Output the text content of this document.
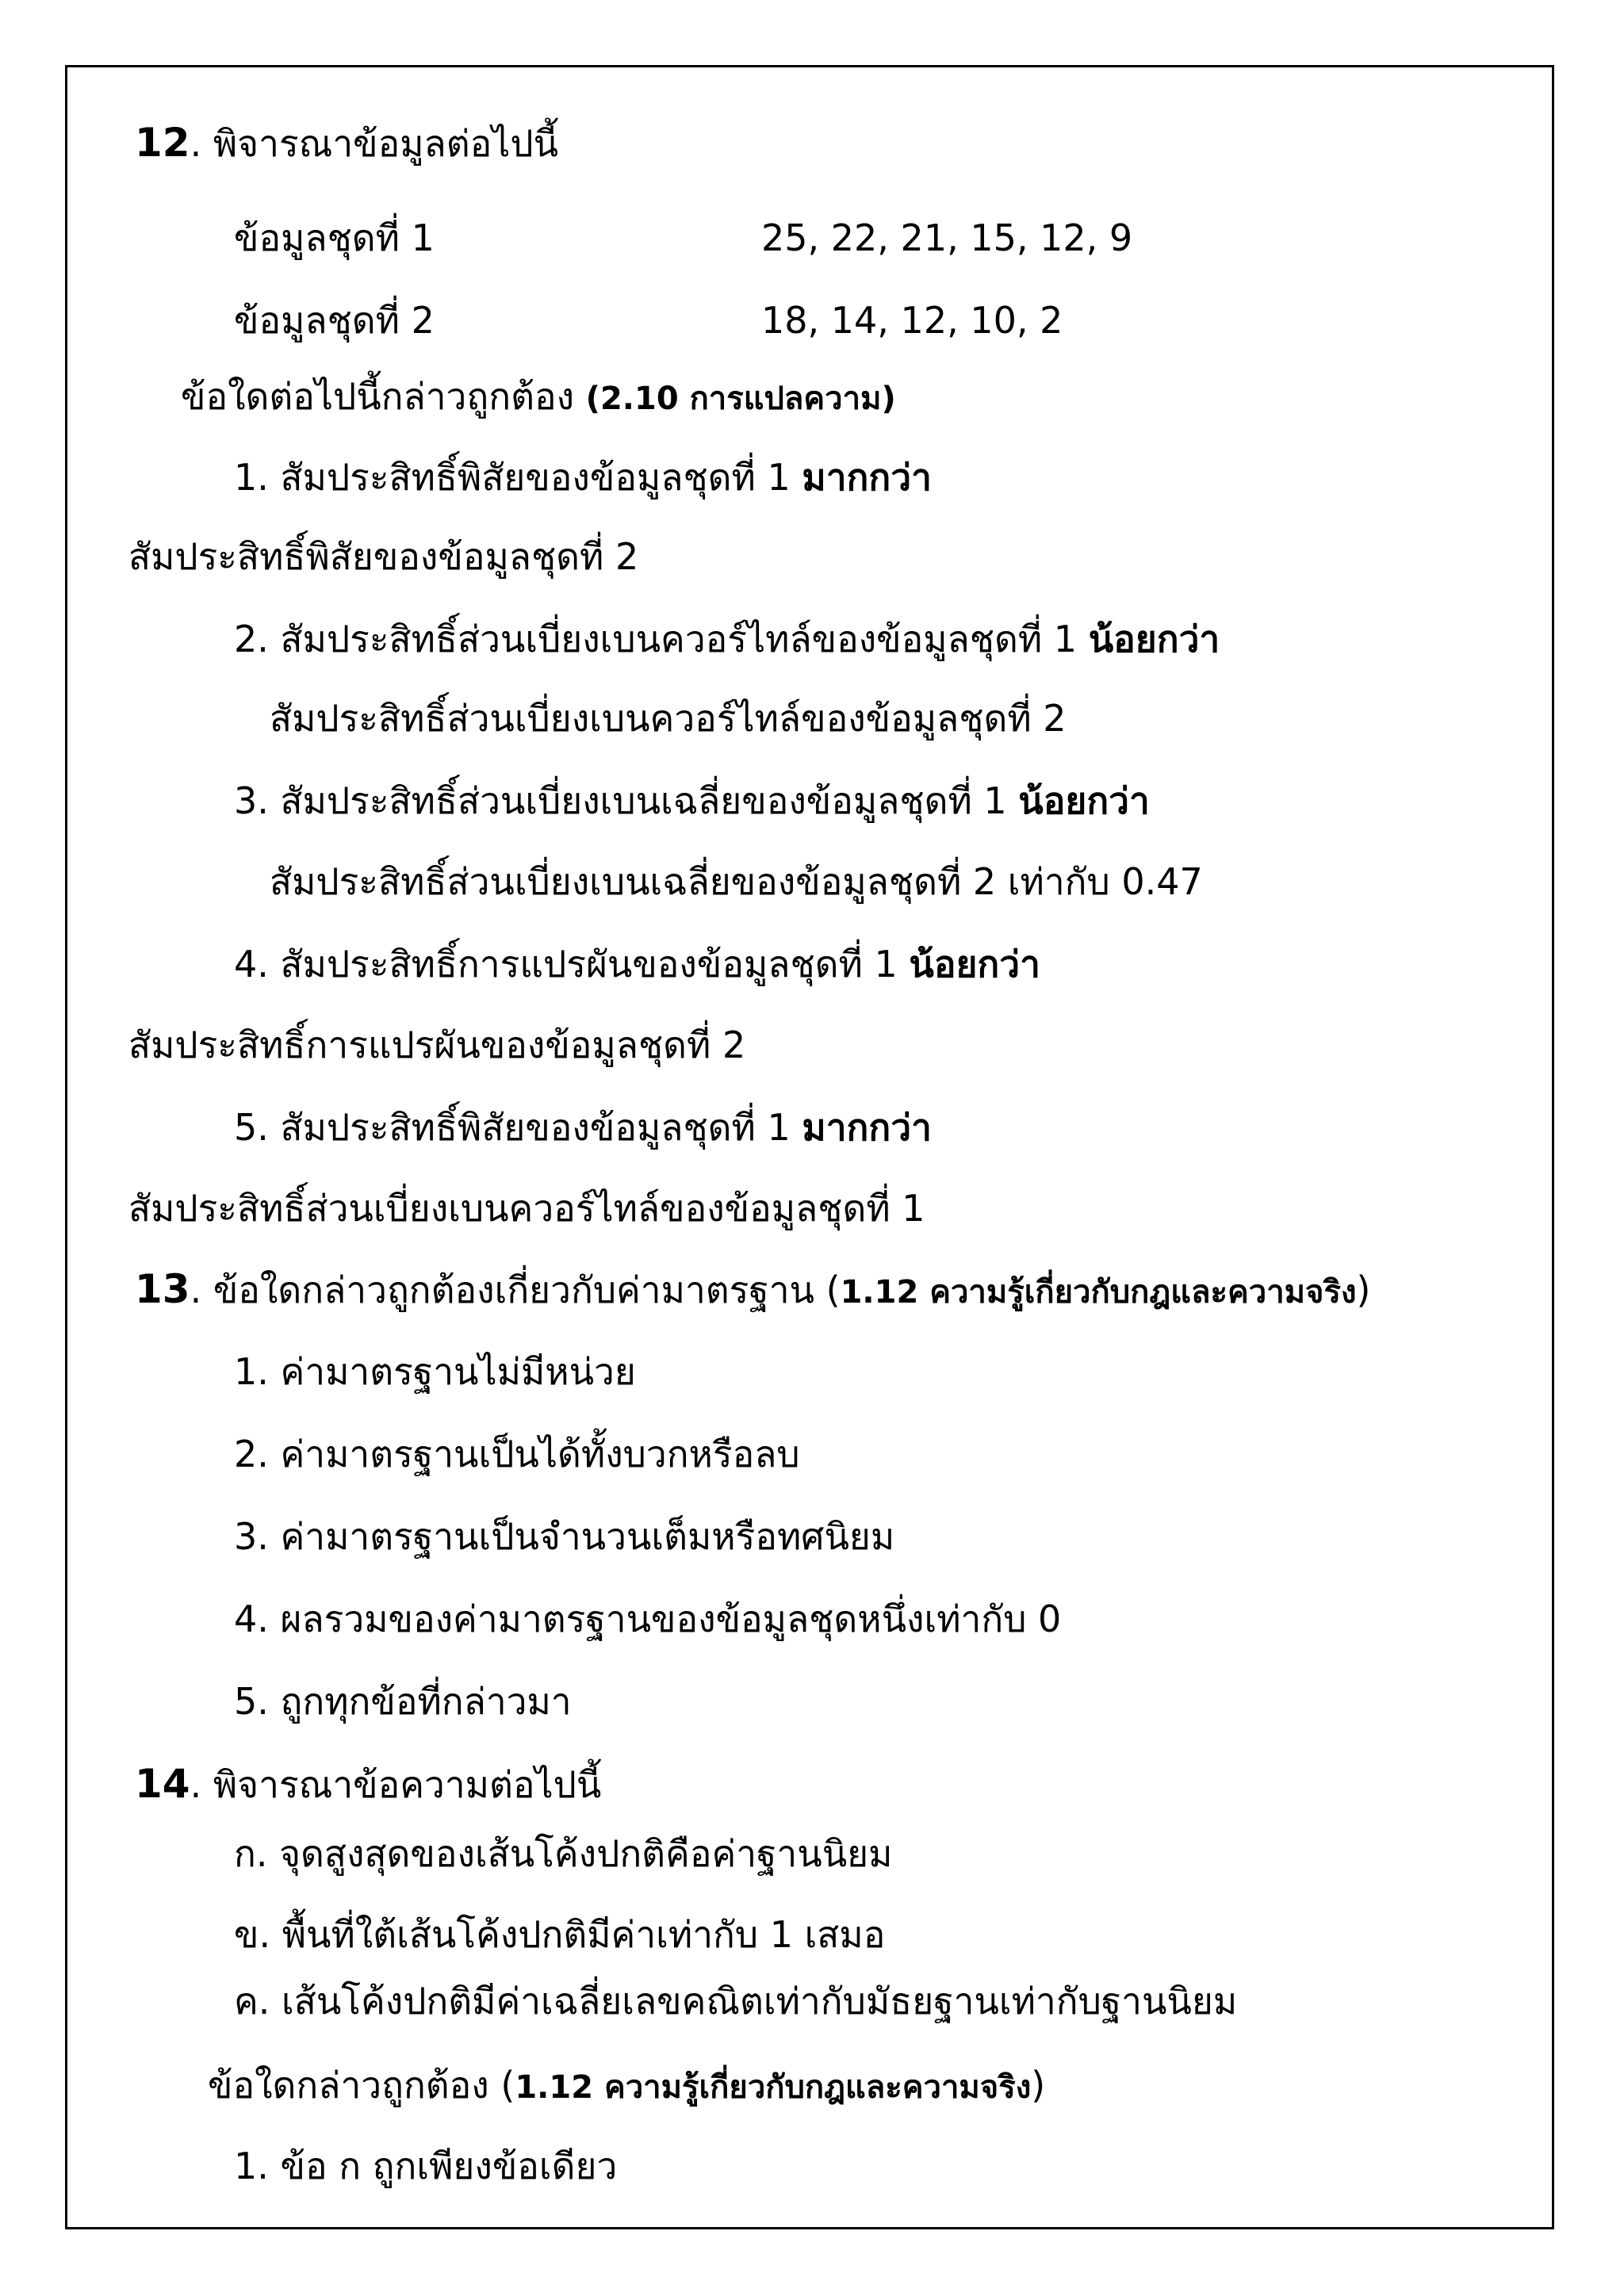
12. พิจารณาข้อมูลต่อไปนี้
ข้อมูลชุดที่ 1	25, 22, 21, 15, 12, 9
ข้อมูลชุดที่ 2	18, 14, 12, 10, 2
ข้อใดต่อไปนี้กล่าวถูกต้อง (2.10 การแปลความ)
1. สัมประสิทธิ์พิสัยของข้อมูลชุดที่ 1 มากกว่า
สัมประสิทธิ์พิสัยของข้อมูลชุดที่ 2
2. สัมประสิทธิ์ส่วนเบี่ยงเบนควอร์ไทล์ของข้อมูลชุดที่ 1 น้อยกว่า
สัมประสิทธิ์ส่วนเบี่ยงเบนควอร์ไทล์ของข้อมูลชุดที่ 2
3. สัมประสิทธิ์ส่วนเบี่ยงเบนเฉลี่ยของข้อมูลชุดที่ 1 น้อยกว่า
สัมประสิทธิ์ส่วนเบี่ยงเบนเฉลี่ยของข้อมูลชุดที่ 2 เท่ากับ 0.47
4. สัมประสิทธิ์การแปรผันของข้อมูลชุดที่ 1 น้อยกว่า
สัมประสิทธิ์การแปรผันของข้อมูลชุดที่ 2
5. สัมประสิทธิ์พิสัยของข้อมูลชุดที่ 1 มากกว่า
สัมประสิทธิ์ส่วนเบี่ยงเบนควอร์ไทล์ของข้อมูลชุดที่ 1
13. ข้อใดกล่าวถูกต้องเกี่ยวกับค่ามาตรฐาน (1.12 ความรู้เกี่ยวกับกฎและความจริง)
1. ค่ามาตรฐานไม่มีหน่วย
2. ค่ามาตรฐานเป็นได้ทั้งบวกหรือลบ
3. ค่ามาตรฐานเป็นจำนวนเต็มหรือทศนิยม
4. ผลรวมของค่ามาตรฐานของข้อมูลชุดหนึ่งเท่ากับ 0
5. ถูกทุกข้อที่กล่าวมา
14. พิจารณาข้อความต่อไปนี้
ก. จุดสูงสุดของเส้นโค้งปกติคือค่าฐานนิยม
ข. พื้นที่ใต้เส้นโค้งปกติมีค่าเท่ากับ 1 เสมอ
ค. เส้นโค้งปกติมีค่าเฉลี่ยเลขคณิตเท่ากับมัธยฐานเท่ากับฐานนิยม
ข้อใดกล่าวถูกต้อง (1.12 ความรู้เกี่ยวกับกฎและความจริง)
1. ข้อ ก ถูกเพียงข้อเดียว
